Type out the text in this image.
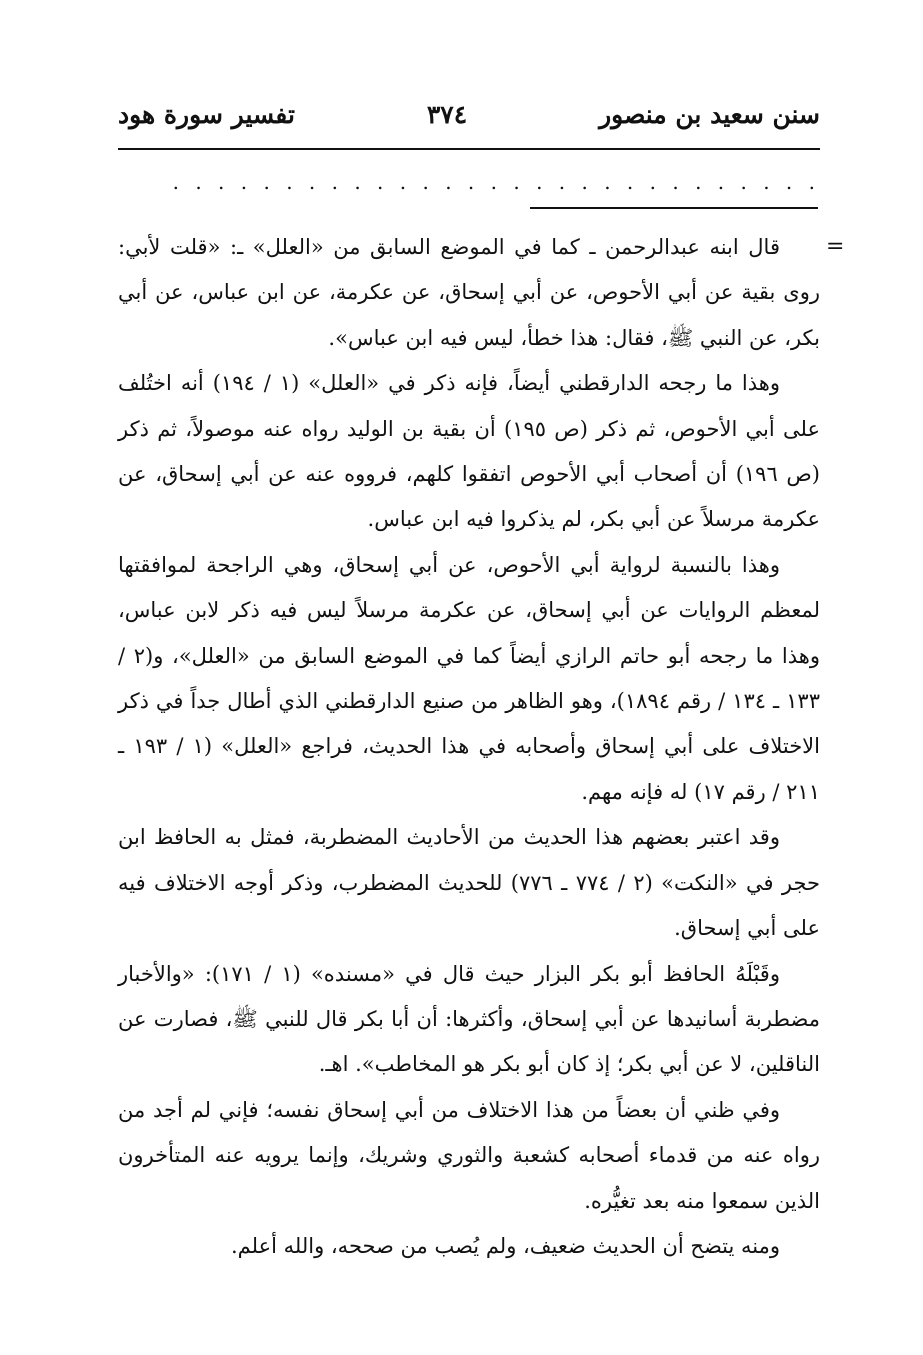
سنن سعيد بن منصور
٣٧٤
تفسير سورة هود
. . . . . . . . . . . . . . . . . . . . . . . . . . . . .
=

قال ابنه عبدالرحمن ـ كما في الموضع السابق من «العلل» ـ: «قلت لأبي: روى بقية عن أبي الأحوص، عن أبي إسحاق، عن عكرمة، عن ابن عباس، عن أبي بكر، عن النبي ﷺ، فقال: هذا خطأ، ليس فيه ابن عباس».

وهذا ما رجحه الدارقطني أيضاً، فإنه ذكر في «العلل» (١ / ١٩٤) أنه اختُلف على أبي الأحوص، ثم ذكر (ص ١٩٥) أن بقية بن الوليد رواه عنه موصولاً، ثم ذكر (ص ١٩٦) أن أصحاب أبي الأحوص اتفقوا كلهم، فرووه عنه عن أبي إسحاق، عن عكرمة مرسلاً عن أبي بكر، لم يذكروا فيه ابن عباس.

وهذا بالنسبة لرواية أبي الأحوص، عن أبي إسحاق، وهي الراجحة لموافقتها لمعظم الروايات عن أبي إسحاق، عن عكرمة مرسلاً ليس فيه ذكر لابن عباس، وهذا ما رجحه أبو حاتم الرازي أيضاً كما في الموضع السابق من «العلل»، و(٢ / ١٣٣ ـ ١٣٤ / رقم ١٨٩٤)، وهو الظاهر من صنيع الدارقطني الذي أطال جداً في ذكر الاختلاف على أبي إسحاق وأصحابه في هذا الحديث، فراجع «العلل» (١ / ١٩٣ ـ ٢١١ / رقم ١٧) له فإنه مهم.

وقد اعتبر بعضهم هذا الحديث من الأحاديث المضطربة، فمثل به الحافظ ابن حجر في «النكت» (٢ / ٧٧٤ ـ ٧٧٦) للحديث المضطرب، وذكر أوجه الاختلاف فيه على أبي إسحاق.

وقَبْلَهُ الحافظ أبو بكر البزار حيث قال في «مسنده» (١ / ١٧١): «والأخبار مضطربة أسانيدها عن أبي إسحاق، وأكثرها: أن أبا بكر قال للنبي ﷺ، فصارت عن الناقلين، لا عن أبي بكر؛ إذ كان أبو بكر هو المخاطب». اهـ.

وفي ظني أن بعضاً من هذا الاختلاف من أبي إسحاق نفسه؛ فإني لم أجد من رواه عنه من قدماء أصحابه كشعبة والثوري وشريك، وإنما يرويه عنه المتأخرون الذين سمعوا منه بعد تغيُّره.

ومنه يتضح أن الحديث ضعيف، ولم يُصب من صححه، والله أعلم.
